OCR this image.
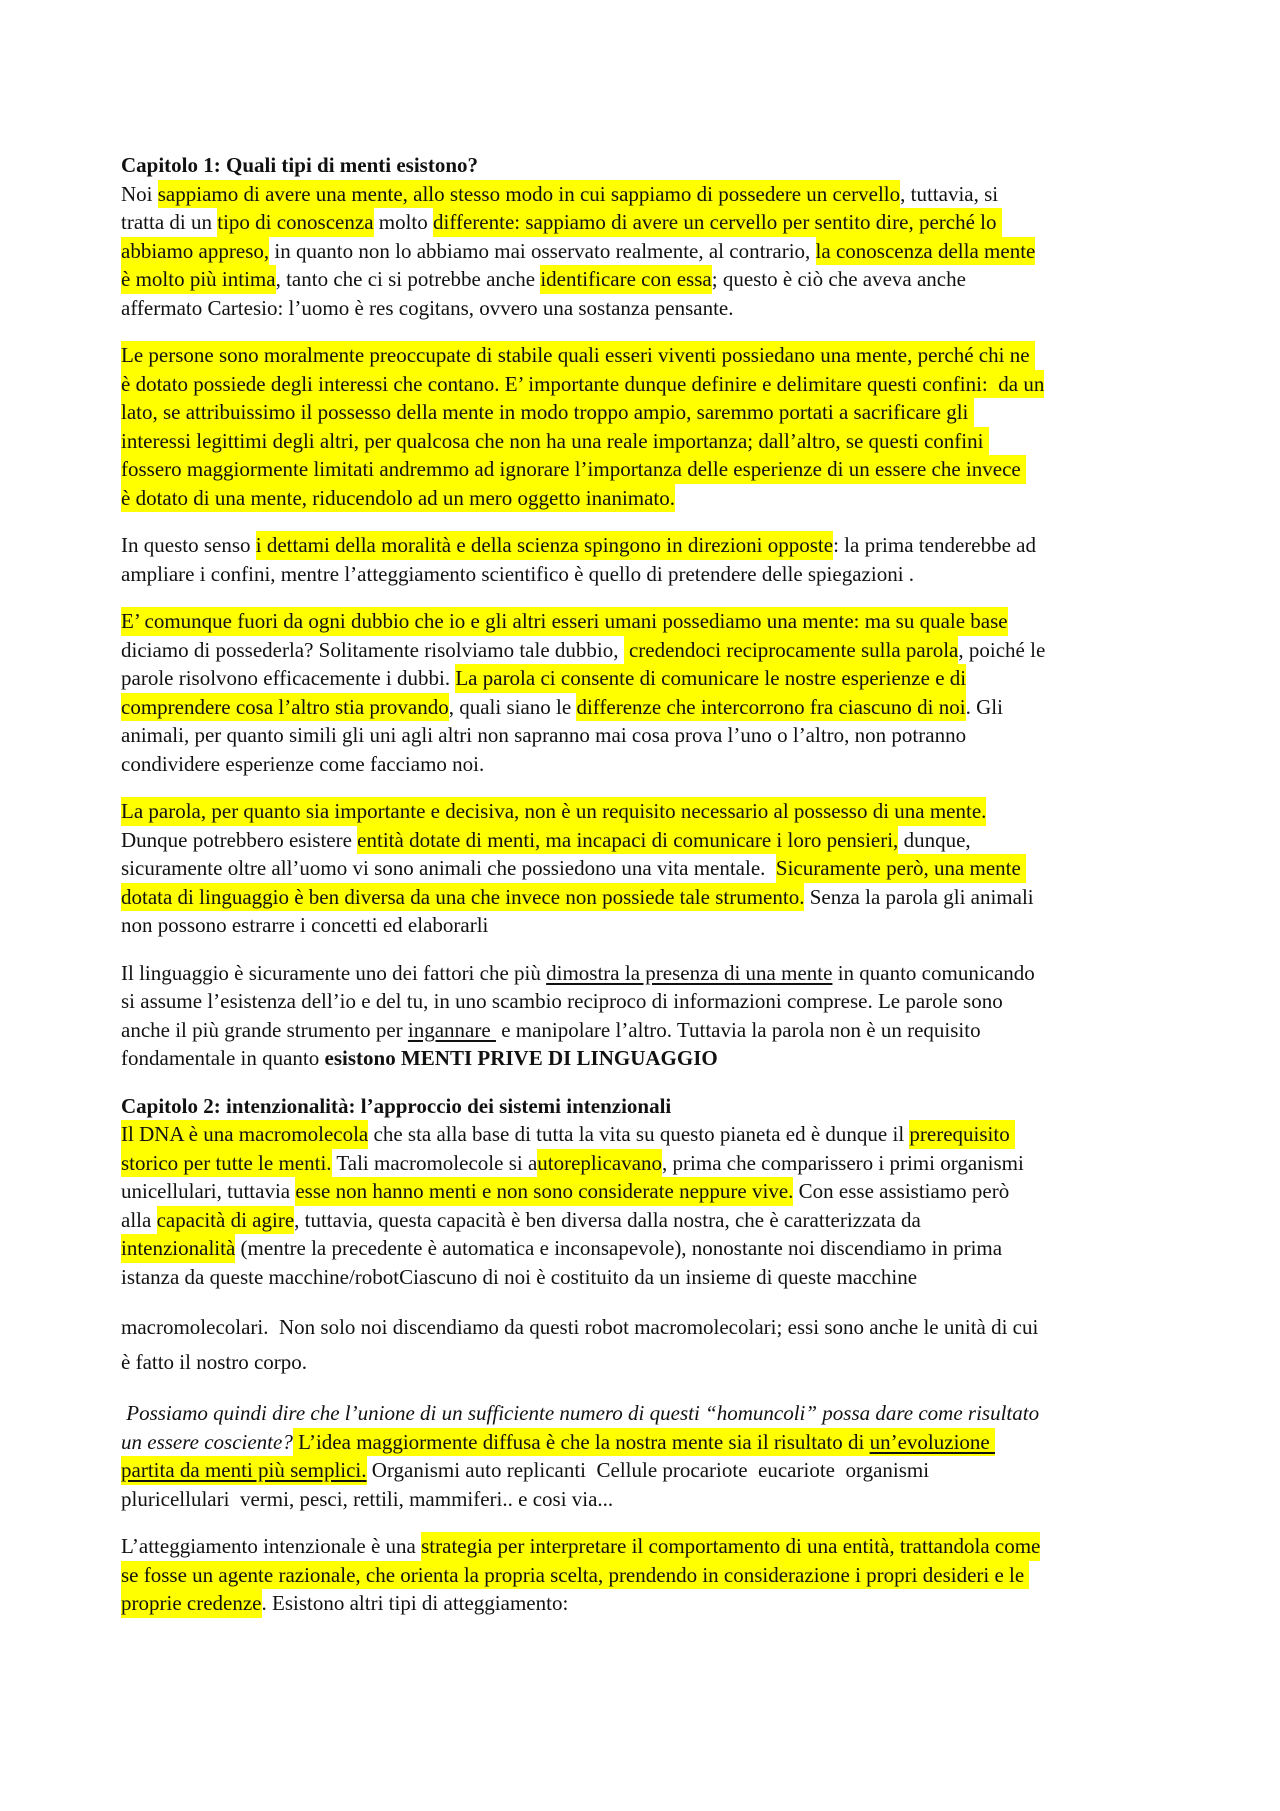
Capitolo 1: Quali tipi di menti esistono?
Noi sappiamo di avere una mente, allo stesso modo in cui sappiamo di possedere un cervello, tuttavia, si
tratta di un tipo di conoscenza molto differente: sappiamo di avere un cervello per sentito dire, perché lo
abbiamo appreso, in quanto non lo abbiamo mai osservato realmente, al contrario, la conoscenza della mente
è molto più intima, tanto che ci si potrebbe anche identificare con essa; questo è ciò che aveva anche
affermato Cartesio: l’uomo è res cogitans, ovvero una sostanza pensante.
Le persone sono moralmente preoccupate di stabile quali esseri viventi possiedano una mente, perché chi ne
è dotato possiede degli interessi che contano. E’ importante dunque definire e delimitare questi confini:  da un
lato, se attribuissimo il possesso della mente in modo troppo ampio, saremmo portati a sacrificare gli
interessi legittimi degli altri, per qualcosa che non ha una reale importanza; dall’altro, se questi confini
fossero maggiormente limitati andremmo ad ignorare l’importanza delle esperienze di un essere che invece
è dotato di una mente, riducendolo ad un mero oggetto inanimato.
In questo senso i dettami della moralità e della scienza spingono in direzioni opposte: la prima tenderebbe ad
ampliare i confini, mentre l’atteggiamento scientifico è quello di pretendere delle spiegazioni .
E’ comunque fuori da ogni dubbio che io e gli altri esseri umani possediamo una mente: ma su quale base
diciamo di possederla? Solitamente risolviamo tale dubbio,  credendoci reciprocamente sulla parola, poiché le
parole risolvono efficacemente i dubbi. La parola ci consente di comunicare le nostre esperienze e di
comprendere cosa l’altro stia provando, quali siano le differenze che intercorrono fra ciascuno di noi. Gli
animali, per quanto simili gli uni agli altri non sapranno mai cosa prova l’uno o l’altro, non potranno
condividere esperienze come facciamo noi.
La parola, per quanto sia importante e decisiva, non è un requisito necessario al possesso di una mente.
Dunque potrebbero esistere entità dotate di menti, ma incapaci di comunicare i loro pensieri, dunque,
sicuramente oltre all’uomo vi sono animali che possiedono una vita mentale.  Sicuramente però, una mente
dotata di linguaggio è ben diversa da una che invece non possiede tale strumento. Senza la parola gli animali
non possono estrarre i concetti ed elaborarli
Il linguaggio è sicuramente uno dei fattori che più dimostra la presenza di una mente in quanto comunicando
si assume l’esistenza dell’io e del tu, in uno scambio reciproco di informazioni comprese. Le parole sono
anche il più grande strumento per ingannare  e manipolare l’altro. Tuttavia la parola non è un requisito
fondamentale in quanto esistono MENTI PRIVE DI LINGUAGGIO
Capitolo 2: intenzionalità: l’approccio dei sistemi intenzionali
Il DNA è una macromolecola che sta alla base di tutta la vita su questo pianeta ed è dunque il prerequisito
storico per tutte le menti. Tali macromolecole si autoreplicavano, prima che comparissero i primi organismi
unicellulari, tuttavia esse non hanno menti e non sono considerate neppure vive. Con esse assistiamo però
alla capacità di agire, tuttavia, questa capacità è ben diversa dalla nostra, che è caratterizzata da
intenzionalità (mentre la precedente è automatica e inconsapevole), nonostante noi discendiamo in prima
istanza da queste macchine/robotCiascuno di noi è costituito da un insieme di queste macchine
macromolecolari.  Non solo noi discendiamo da questi robot macromolecolari; essi sono anche le unità di cui
è fatto il nostro corpo.
Possiamo quindi dire che l’unione di un sufficiente numero di questi “homuncoli” possa dare come risultato
un essere cosciente? L’idea maggiormente diffusa è che la nostra mente sia il risultato di un’evoluzione
partita da menti più semplici. Organismi auto replicanti  Cellule procariote  eucariote  organismi
pluricellulari  vermi, pesci, rettili, mammiferi.. e cosi via...
L’atteggiamento intenzionale è una strategia per interpretare il comportamento di una entità, trattandola come
se fosse un agente razionale, che orienta la propria scelta, prendendo in considerazione i propri desideri e le
proprie credenze. Esistono altri tipi di atteggiamento:
